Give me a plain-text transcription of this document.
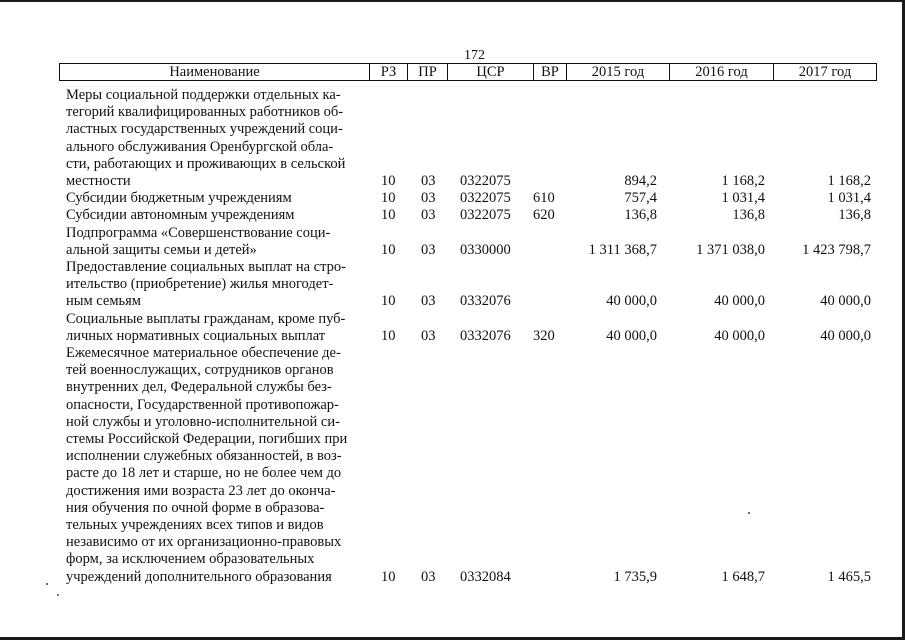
172
Наименование	РЗ	ПР	ЦСР	ВР	2015 год	2016 год	2017 год
Меры социальной поддержки отдельных ка-
тегорий квалифицированных работников об-
ластных государственных учреждений соци-
ального обслуживания Оренбургской обла-
сти, работающих и проживающих в сельской
местности	10 03 0322075	894,2	1 168,2	1 168,2
Субсидии бюджетным учреждениям	10 03 0322075 610	757,4	1 031,4	1 031,4
Субсидии автономным учреждениям	10 03 0322075 620	136,8	136,8	136,8
Подпрограмма «Совершенствование соци-
альной защиты семьи и детей»	10 03 0330000	1 311 368,7	1 371 038,0	1 423 798,7
Предоставление социальных выплат на стро-
ительство (приобретение) жилья многодет-
ным семьям	10 03 0332076	40 000,0	40 000,0	40 000,0
Социальные выплаты гражданам, кроме пуб-
личных нормативных социальных выплат	10 03 0332076 320	40 000,0	40 000,0	40 000,0
Ежемесячное материальное обеспечение де-
тей военнослужащих, сотрудников органов
внутренних дел, Федеральной службы без-
опасности, Государственной противопожар-
ной службы и уголовно-исполнительной си-
стемы Российской Федерации, погибших при
исполнении служебных обязанностей, в воз-
расте до 18 лет и старше, но не более чем до
достижения ими возраста 23 лет до оконча-
ния обучения по очной форме в образова-
тельных учреждениях всех типов и видов
независимо от их организационно-правовых
форм, за исключением образовательных
учреждений дополнительного образования	10 03 0332084	1 735,9	1 648,7	1 465,5
